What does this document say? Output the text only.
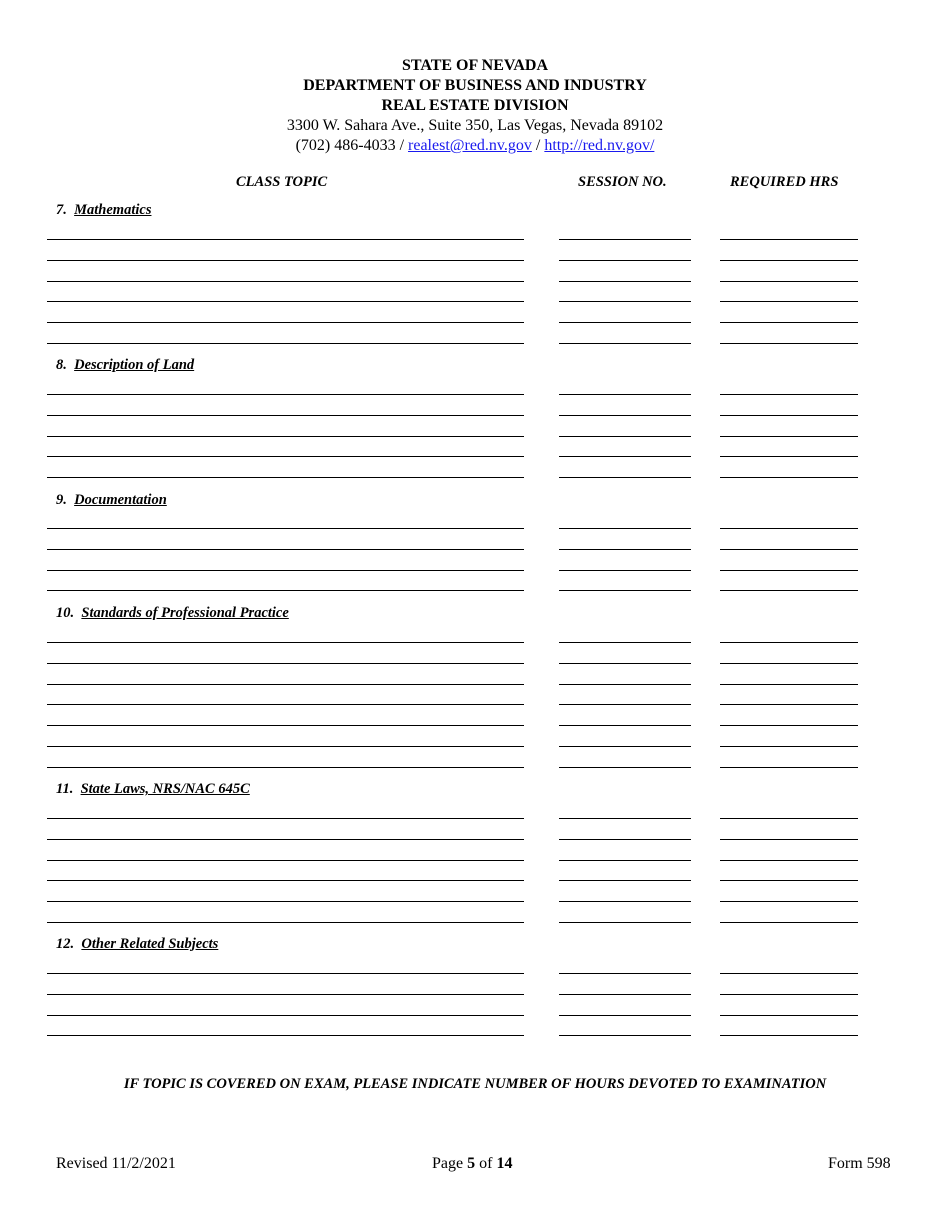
STATE OF NEVADA
DEPARTMENT OF BUSINESS AND INDUSTRY
REAL ESTATE DIVISION
3300 W. Sahara Ave., Suite 350, Las Vegas, Nevada 89102
(702) 486-4033 / realest@red.nv.gov / http://red.nv.gov/
CLASS TOPIC	SESSION NO.	REQUIRED HRS
7. Mathematics
8. Description of Land
9. Documentation
10. Standards of Professional Practice
11. State Laws, NRS/NAC 645C
12. Other Related Subjects
IF TOPIC IS COVERED ON EXAM, PLEASE INDICATE NUMBER OF HOURS DEVOTED TO EXAMINATION
Revised 11/2/2021	Page 5 of 14	Form 598
